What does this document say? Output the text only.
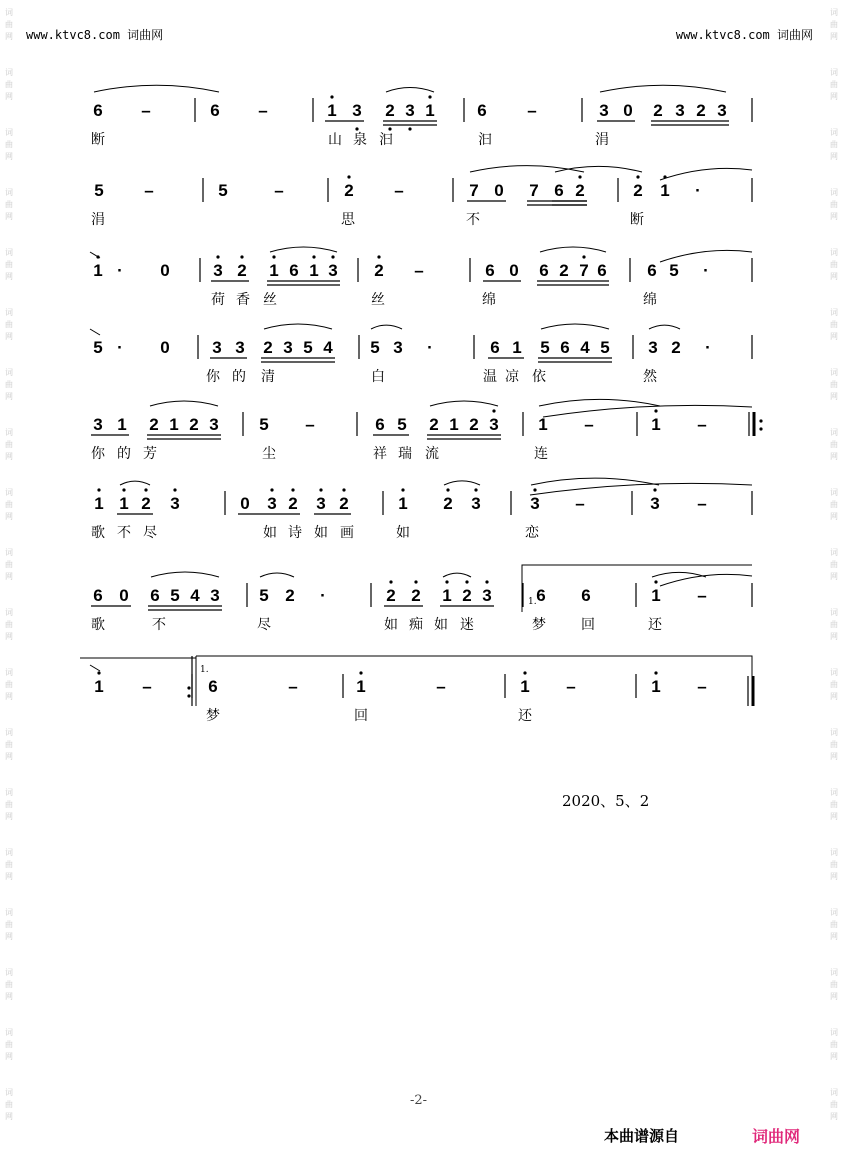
词
曲
网
词
曲
网
词
曲
网
词
曲
网
词
曲
网
词
曲
网
词
曲
网
词
曲
网
词
曲
网
词
曲
网
词
曲
网
词
曲
网
词
曲
网
词
曲
网
词
曲
网
词
曲
网
词
曲
网
词
曲
网
词
曲
网
词
曲
网
词
曲
网
词
曲
网
词
曲
网
词
曲
网
词
曲
网
词
曲
网
词
曲
网
词
曲
网
词
曲
网
词
曲
网
词
曲
网
词
曲
网
词
曲
网
词
曲
网
词
曲
网
词
曲
网
词
曲
网
词
曲
网
www.ktvc8.com 词曲网	www.ktvc8.com 词曲网
6 –	6 –	1 3 2 3 1	6 –	3 0 2 3 2 3
断	山 泉 汩	汩	涓
5 –	5	–	2 –	7 0 7 6 2	2 1 ·
涓	思	不	断
1 · 0	3 2 1 6 1 3 2 –	6 0 6 2 7 6 6 5 ·
荷 香 丝	丝	绵	绵
5 · 0	3 3 2 3 5 4 5 3 ·	6 1 5 6 4 5 3 2 ·
你 的 清	白	温 凉 依	然
3 1 2 1 2 3 5 –	6 5 2 1 2 3 1 –	1 –
你 的 芳	尘	祥 瑞 流	连
1 1 2 3	0 3 2 3 2	1 2 3	3 –	3 –
歌 不 尽	如 诗 如 画	如	恋
6 0 6 5 4 3 5 2 ·	2 2 1 2 3	6 6	1 –
歌	不	尽	如 痴 如 迷	梦	回	还
1 –	6	–	1	–	1 –	1 –
梦	回	还
1.
1.
2020、5、2
-2-
本曲谱源自	词曲网
